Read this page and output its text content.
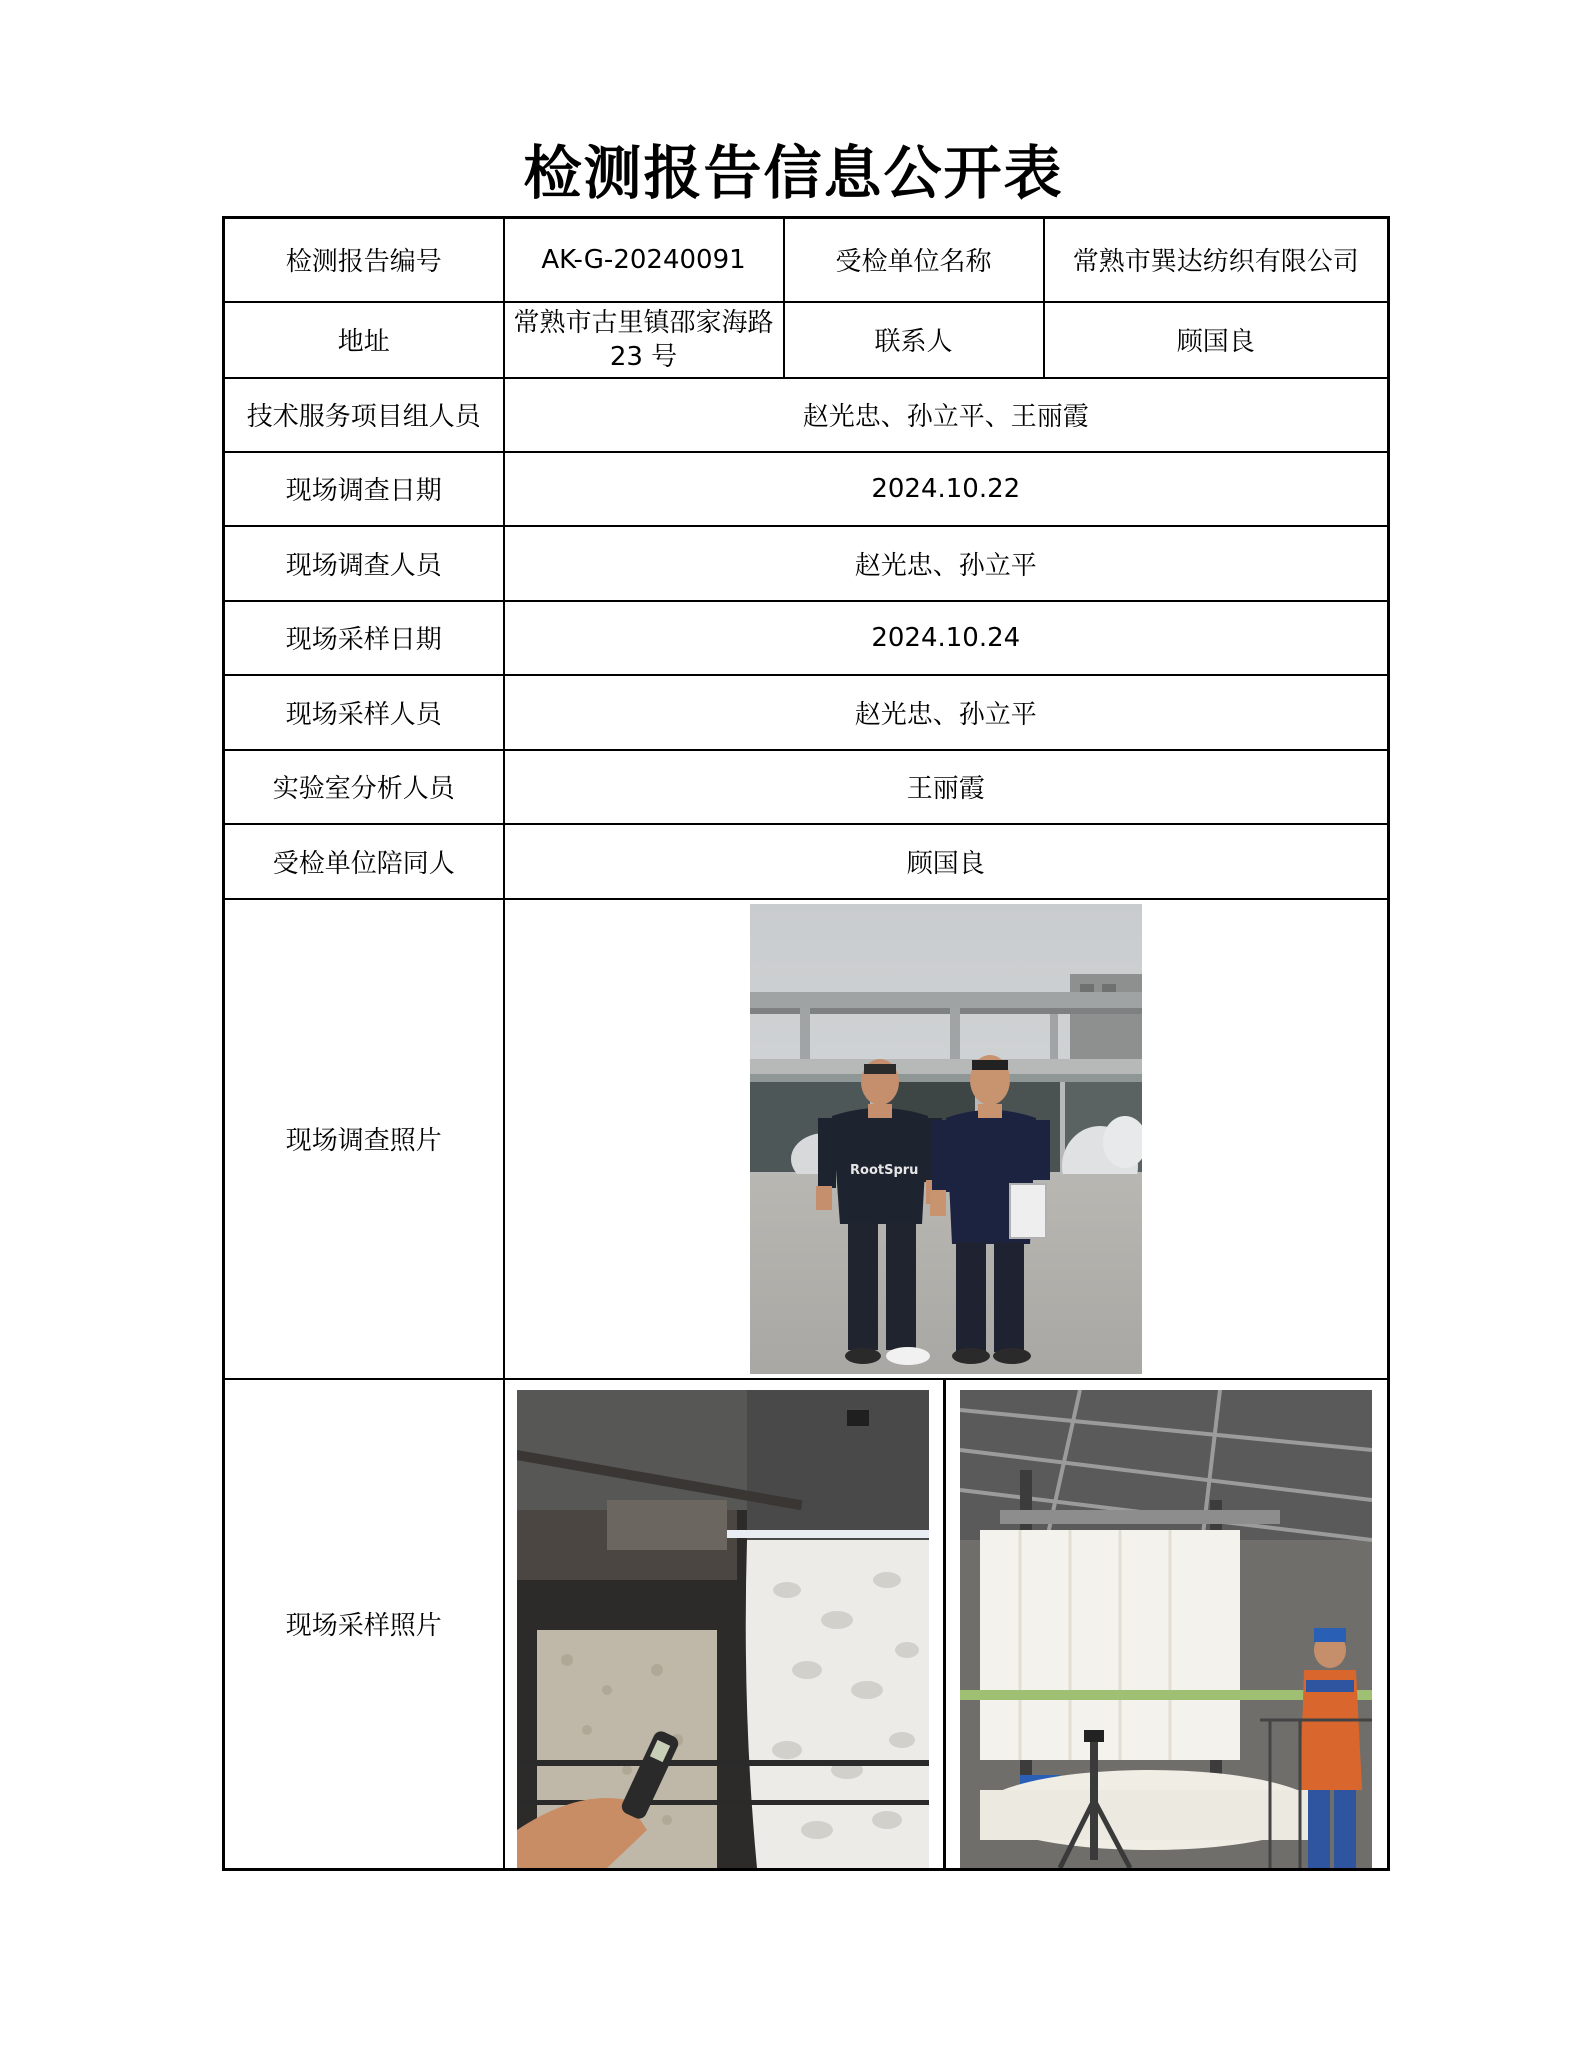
检测报告信息公开表
检测报告编号	AK-G-20240091	受检单位名称	常熟市巽达纺织有限公司
地址	常熟市古里镇邵家海路 23 号	联系人	顾国良
技术服务项目组人员	赵光忠、孙立平、王丽霞		
现场调查日期	2024.10.22		
现场调查人员	赵光忠、孙立平		
现场采样日期	2024.10.24		
现场采样人员	赵光忠、孙立平		
实验室分析人员	王丽霞		
受检单位陪同人	顾国良		
现场调查照片	RootSpru		

现场采样照片	
